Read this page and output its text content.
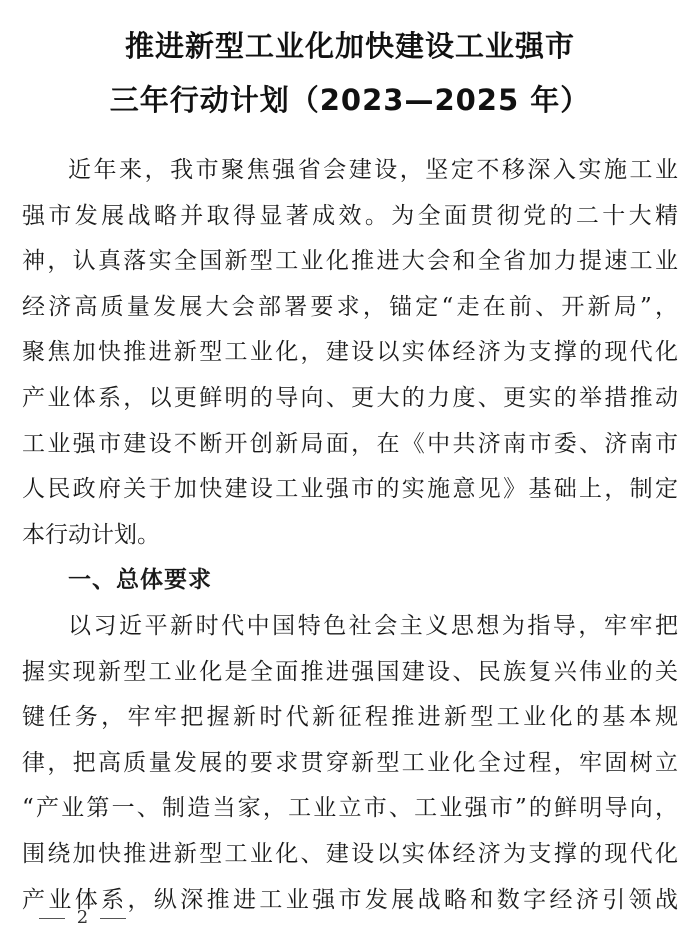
推进新型工业化加快建设工业强市
三年行动计划（2023—2025 年）
近年来，我市聚焦强省会建设，坚定不移深入实施工业
强市发展战略并取得显著成效。为全面贯彻党的二十大精
神，认真落实全国新型工业化推进大会和全省加力提速工业
经济高质量发展大会部署要求，锚定“走在前、开新局”，
聚焦加快推进新型工业化，建设以实体经济为支撑的现代化
产业体系，以更鲜明的导向、更大的力度、更实的举措推动
工业强市建设不断开创新局面，在《中共济南市委、济南市
人民政府关于加快建设工业强市的实施意见》基础上，制定
本行动计划。
一、总体要求
以习近平新时代中国特色社会主义思想为指导，牢牢把
握实现新型工业化是全面推进强国建设、民族复兴伟业的关
键任务，牢牢把握新时代新征程推进新型工业化的基本规
律，把高质量发展的要求贯穿新型工业化全过程，牢固树立
“产业第一、制造当家，工业立市、工业强市”的鲜明导向，
围绕加快推进新型工业化、建设以实体经济为支撑的现代化
产业体系，纵深推进工业强市发展战略和数字经济引领战
2
